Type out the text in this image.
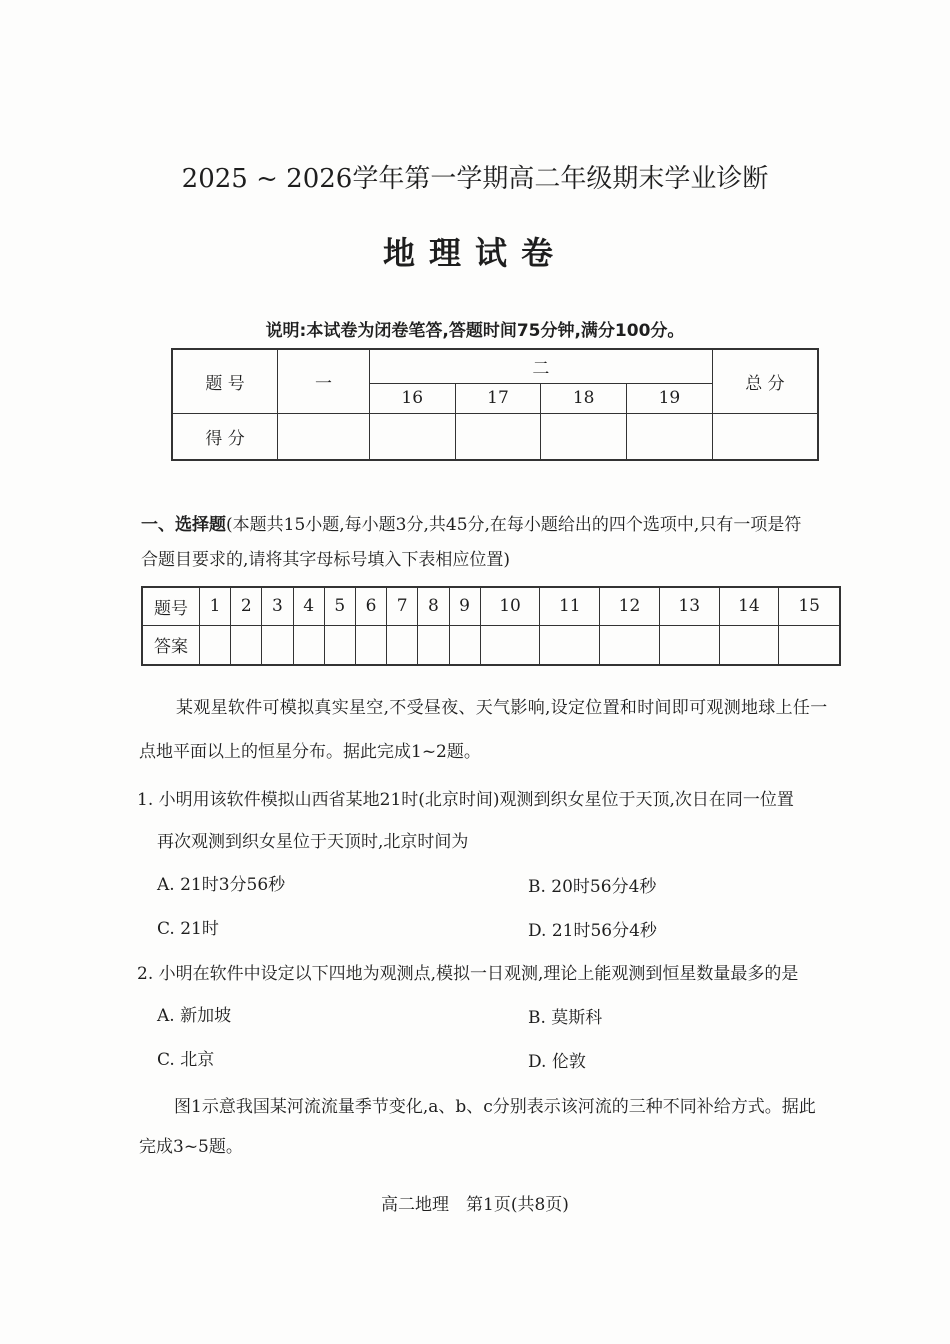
2025 ~ 2026学年第一学期高二年级期末学业诊断
地理试卷
说明:本试卷为闭卷笔答,答题时间75分钟,满分100分。
题 号	一	二				总 分
		16	17	18	19	
得 分						
一、选择题(本题共15小题,每小题3分,共45分,在每小题给出的四个选项中,只有一项是符
合题目要求的,请将其字母标号填入下表相应位置)
题号	1	2	3	4	5	6	7	8	9	10	11	12	13	14	15
答案															
某观星软件可模拟真实星空,不受昼夜、天气影响,设定位置和时间即可观测地球上任一
点地平面以上的恒星分布。据此完成1~2题。
1. 小明用该软件模拟山西省某地21时(北京时间)观测到织女星位于天顶,次日在同一位置
再次观测到织女星位于天顶时,北京时间为
A. 21时3分56秒	B. 20时56分4秒
C. 21时	D. 21时56分4秒
2. 小明在软件中设定以下四地为观测点,模拟一日观测,理论上能观测到恒星数量最多的是
A. 新加坡	B. 莫斯科
C. 北京	D. 伦敦
图1示意我国某河流流量季节变化,a、b、c分别表示该河流的三种不同补给方式。据此
完成3~5题。
高二地理　第1页(共8页)
